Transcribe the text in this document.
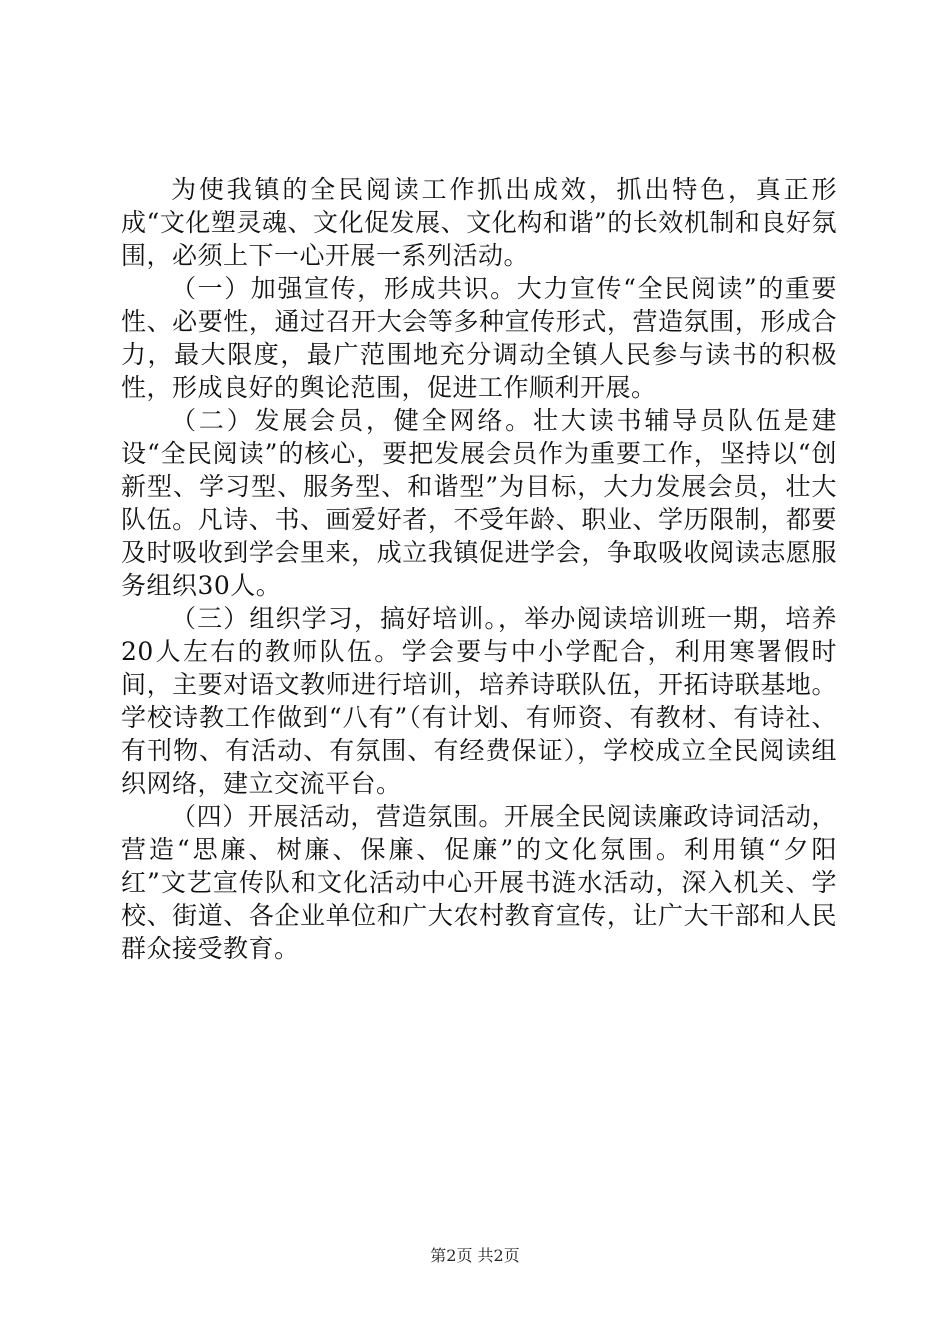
为使我镇的全民阅读工作抓出成效，抓出特色，真正形成“文化塑灵魂、文化促发展、文化构和谐”的长效机制和良好氛围，必须上下一心开展一系列活动。

（一）加强宣传，形成共识。大力宣传“全民阅读”的重要性、必要性，通过召开大会等多种宣传形式，营造氛围，形成合力，最大限度，最广范围地充分调动全镇人民参与读书的积极性，形成良好的舆论范围，促进工作顺利开展。

（二）发展会员，健全网络。壮大读书辅导员队伍是建设“全民阅读”的核心，要把发展会员作为重要工作，坚持以“创新型、学习型、服务型、和谐型”为目标，大力发展会员，壮大队伍。凡诗、书、画爱好者，不受年龄、职业、学历限制，都要及时吸收到学会里来，成立我镇促进学会，争取吸收阅读志愿服务组织30人。

（三）组织学习，搞好培训。，举办阅读培训班一期，培养20人左右的教师队伍。学会要与中小学配合，利用寒署假时间，主要对语文教师进行培训，培养诗联队伍，开拓诗联基地。学校诗教工作做到“八有”（有计划、有师资、有教材、有诗社、有刊物、有活动、有氛围、有经费保证），学校成立全民阅读组织网络，建立交流平台。

（四）开展活动，营造氛围。开展全民阅读廉政诗词活动，营造“思廉、树廉、保廉、促廉”的文化氛围。利用镇“夕阳红”文艺宣传队和文化活动中心开展书涟水活动，深入机关、学校、街道、各企业单位和广大农村教育宣传，让广大干部和人民群众接受教育。

第2页 共2页
